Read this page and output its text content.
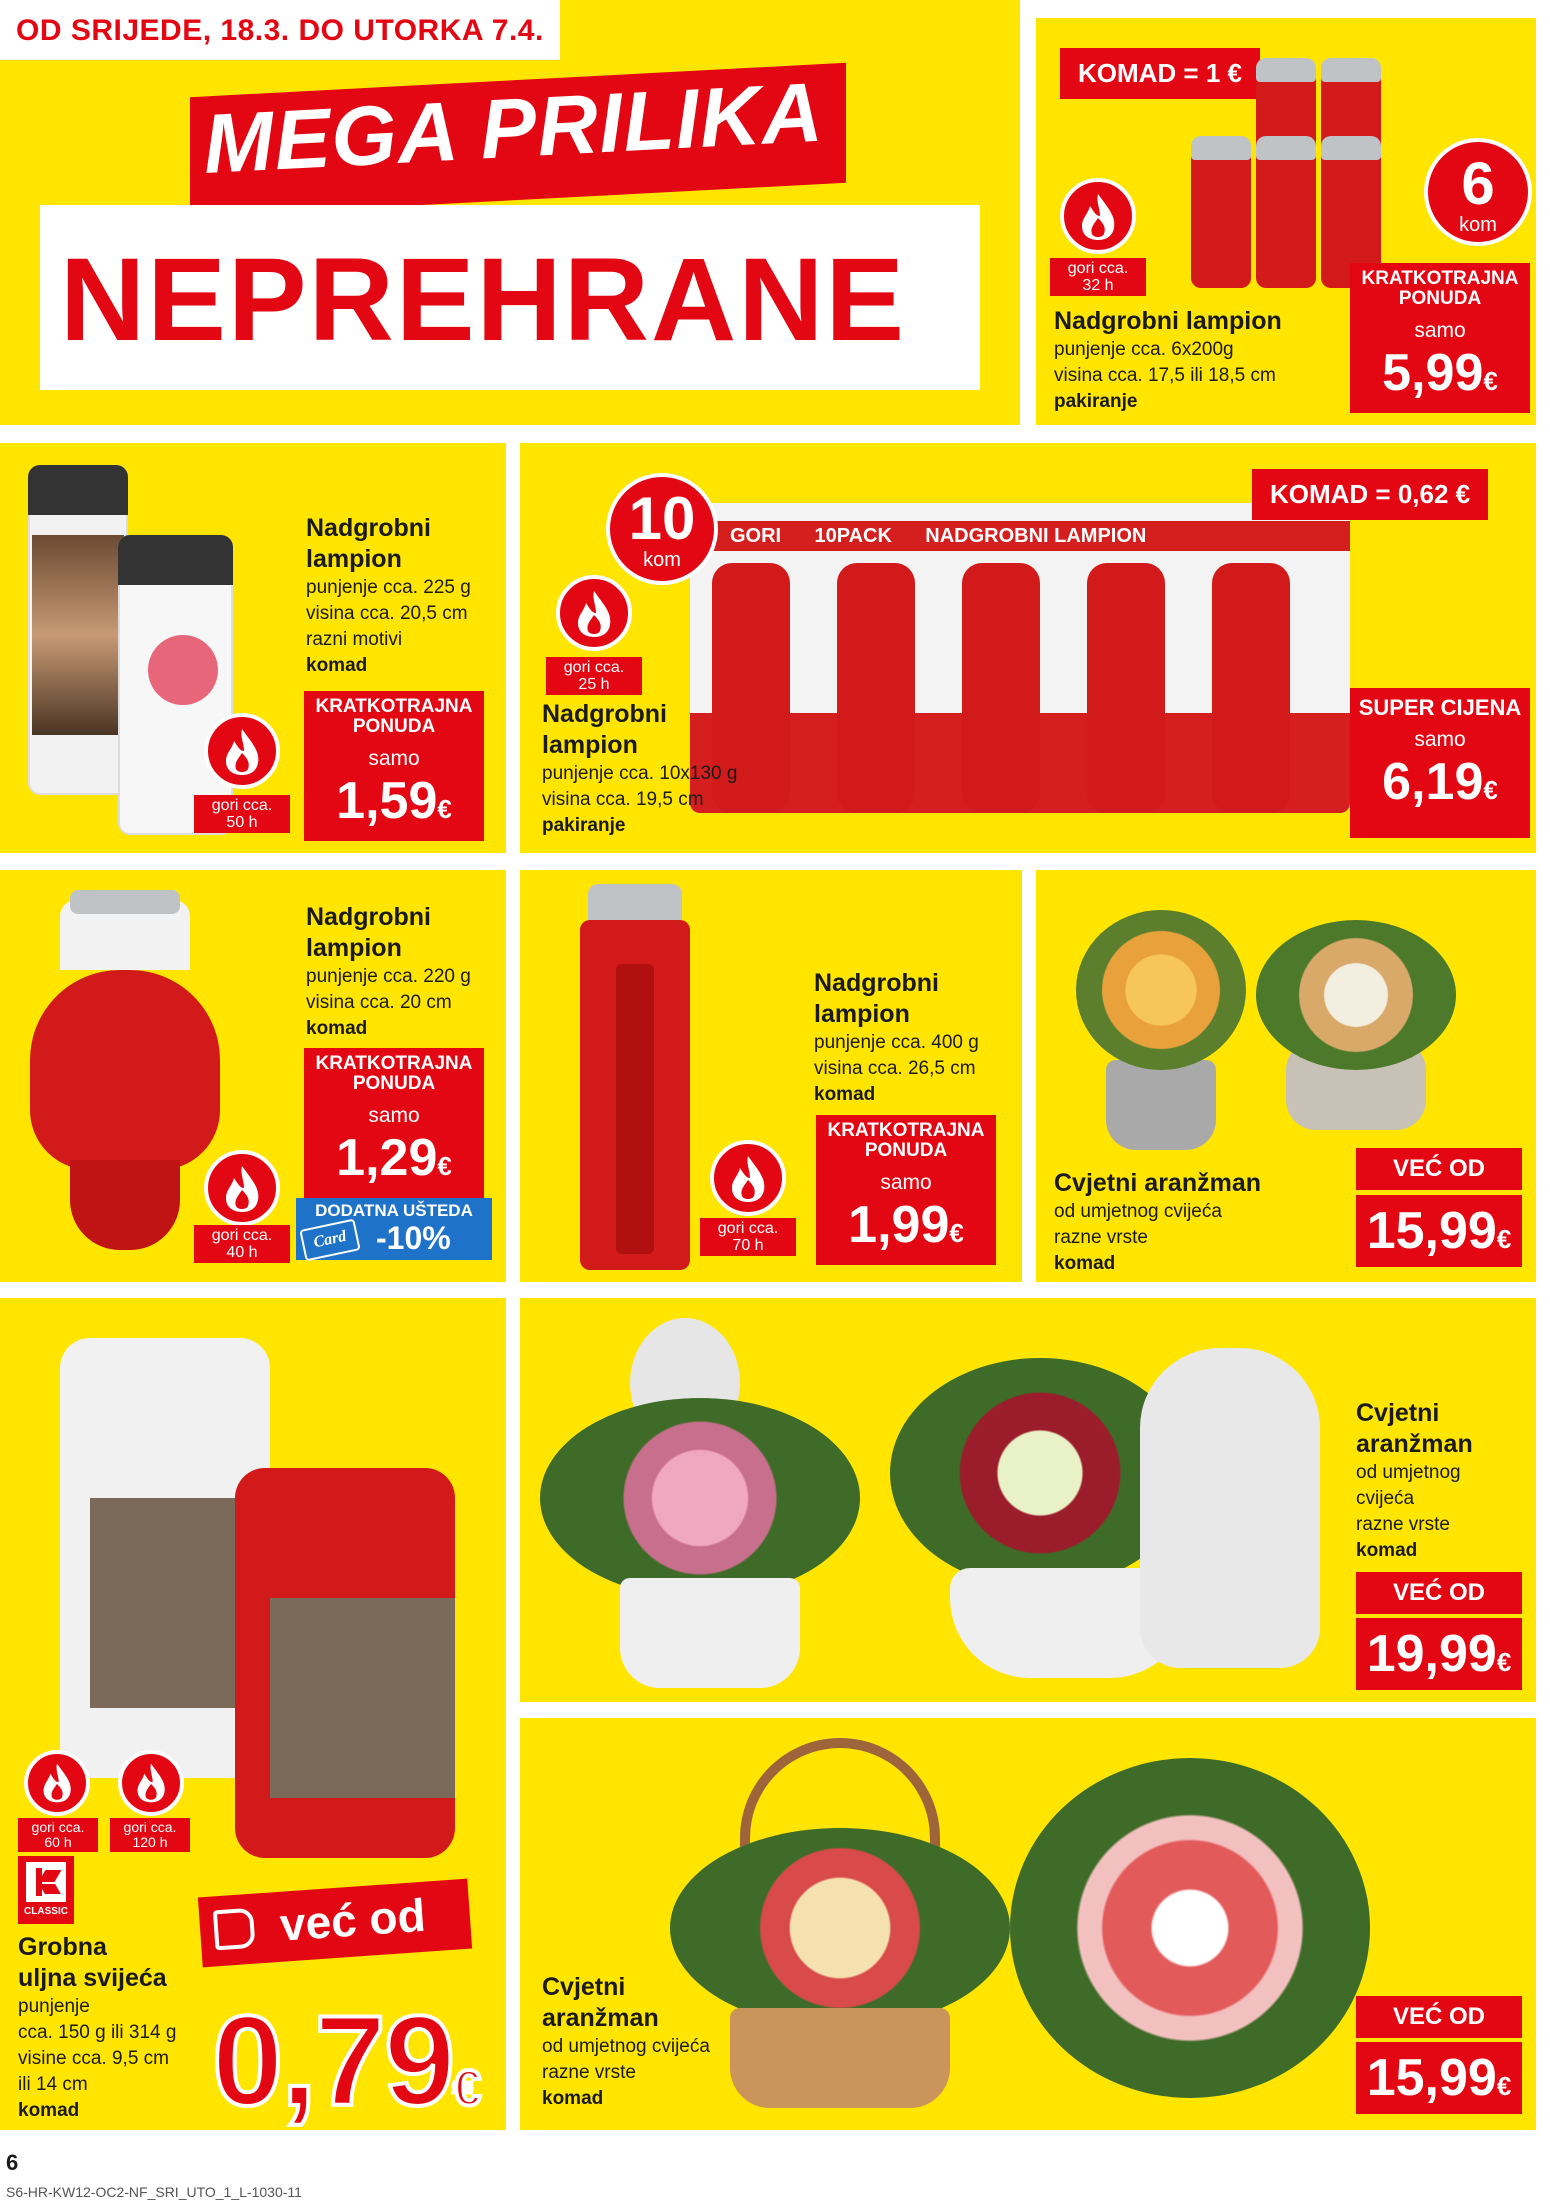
MEGA PRILIKA
NEPREHRANE
OD SRIJEDE, 18.3. DO UTORKA 7.4.
KOMAD = 1 €
6
kom
gori cca.
32 h
Nadgrobni lampion
punjenje cca. 6x200g
visina cca. 17,5 ili 18,5 cm
pakiranje
KRATKOTRAJNA
PONUDA
samo
5,99€
gori cca.
50 h
Nadgrobni
lampion
punjenje cca. 225 g
visina cca. 20,5 cm
razni motivi
komad
KRATKOTRAJNA
PONUDA
samo
1,59€
GORI 10PACK NADGROBNI LAMPION
10
kom
KOMAD = 0,62 €
gori cca.
25 h
Nadgrobni
lampion
punjenje cca. 10x130 g
visina cca. 19,5 cm
pakiranje
SUPER CIJENA
samo
6,19€
gori cca.
40 h
Nadgrobni
lampion
punjenje cca. 220 g
visina cca. 20 cm
komad
KRATKOTRAJNA
PONUDA
samo
1,29€
DODATNA UŠTEDA
Card -10%	gori cca.
70 h
Nadgrobni
lampion
punjenje cca. 400 g
visina cca. 26,5 cm
komad
KRATKOTRAJNA
PONUDA
samo
1,99€
Cvjetni aranžman
od umjetnog cvijeća
razne vrste
komad
VEĆ OD
15,99€
gori cca.
60 h
gori cca.
120 h
CLASSIC
Grobna
uljna svijeća
punjenje
cca. 150 g ili 314 g
visine cca. 9,5 cm
ili 14 cm
komad
već od
0,79€
Cvjetni
aranžman
od umjetnog
cvijeća
razne vrste
komad
VEĆ OD
19,99€
Cvjetni
aranžman
od umjetnog cvijeća
razne vrste
komad
VEĆ OD
15,99€
6
S6-HR-KW12-OC2-NF_SRI_UTO_1_L-1030-11
